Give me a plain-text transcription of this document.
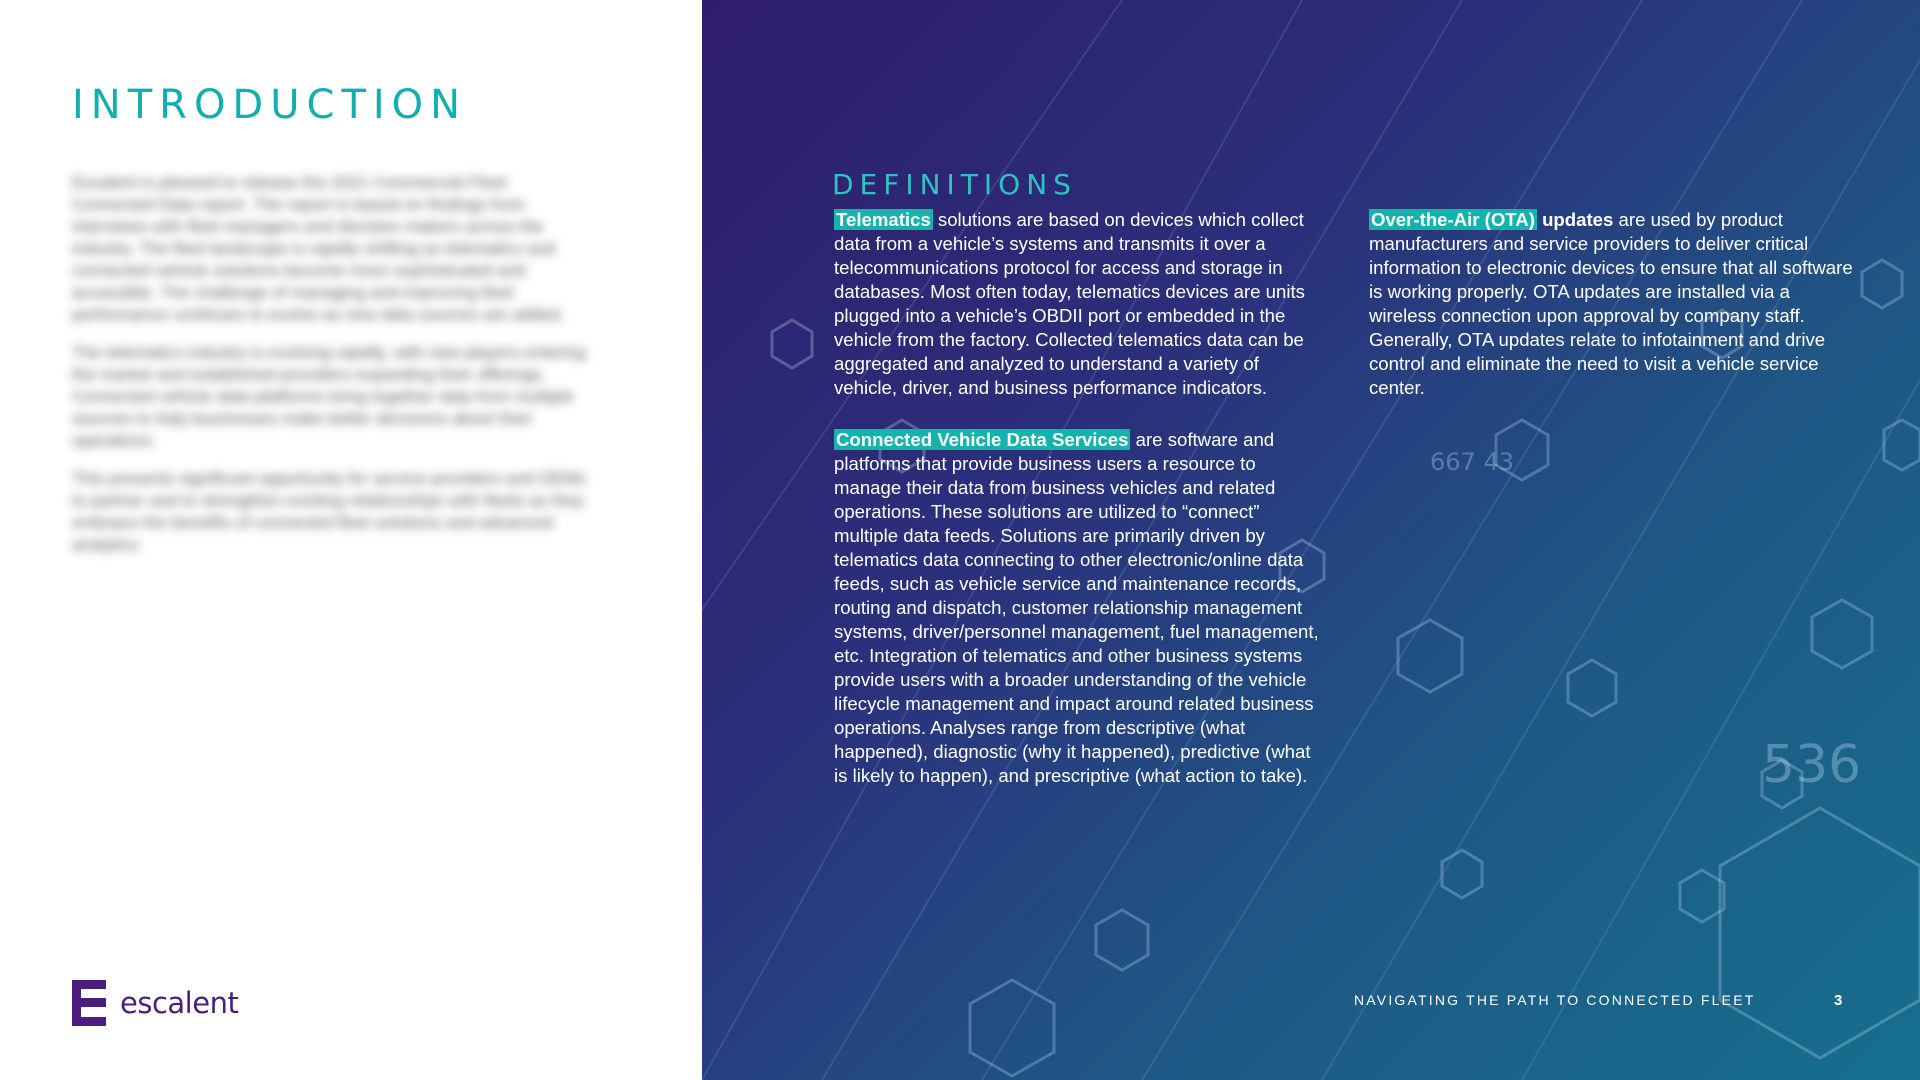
INTRODUCTION

Escalent is pleased to release the 2021 Commercial Fleet Connected Data report. The report is based on findings from interviews with fleet managers and decision makers across the industry. The fleet landscape is rapidly shifting as telematics and connected vehicle solutions become more sophisticated and accessible. The challenge of managing and improving fleet performance continues to evolve as new data sources are added.

The telematics industry is evolving rapidly, with new players entering the market and established providers expanding their offerings. Connected vehicle data platforms bring together data from multiple sources to help businesses make better decisions about their operations.

This presents significant opportunity for service providers and OEMs to partner and to strengthen existing relationships with fleets as they embrace the benefits of connected fleet solutions and advanced analytics.

escalent
536
667 43
DEFINITIONS

Telematics solutions are based on devices which collect data from a vehicle’s systems and transmits it over a telecommunications protocol for access and storage in databases. Most often today, telematics devices are units plugged into a vehicle’s OBDII port or embedded in the vehicle from the factory. Collected telematics data can be aggregated and analyzed to understand a variety of vehicle, driver, and business performance indicators.

Connected Vehicle Data Services are software and platforms that provide business users a resource to manage their data from business vehicles and related operations. These solutions are utilized to “connect” multiple data feeds. Solutions are primarily driven by telematics data connecting to other electronic/online data feeds, such as vehicle service and maintenance records, routing and dispatch, customer relationship management systems, driver/personnel management, fuel management, etc. Integration of telematics and other business systems provide users with a broader understanding of the vehicle lifecycle management and impact around related business operations. Analyses range from descriptive (what happened), diagnostic (why it happened), predictive (what is likely to happen), and prescriptive (what action to take).

Over-the-Air (OTA) updates are used by product manufacturers and service providers to deliver critical information to electronic devices to ensure that all software is working properly. OTA updates are installed via a wireless connection upon approval by company staff. Generally, OTA updates relate to infotainment and drive control and eliminate the need to visit a vehicle service center.

NAVIGATING THE PATH TO CONNECTED FLEET	3
